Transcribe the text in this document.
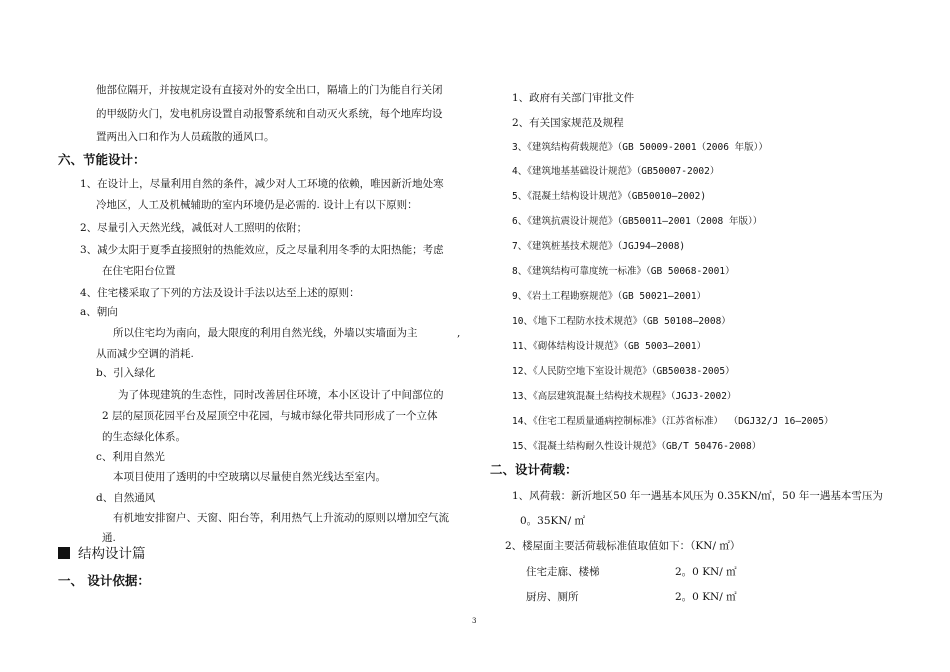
他部位隔开，并按规定设有直接对外的安全出口，隔墙上的门为能自行关闭
的甲级防火门，发电机房设置自动报警系统和自动灭火系统，每个地库均设
置两出入口和作为人员疏散的通风口。
六、节能设计：
1、在设计上，尽量利用自然的条件，减少对人工环境的依赖，唯因新沂地处寒
冷地区，人工及机械辅助的室内环境仍是必需的. 设计上有以下原则：
2、尽量引入天然光线，减低对人工照明的依附；
3、减少太阳于夏季直接照射的热能效应，反之尽量利用冬季的太阳热能；考虑
在住宅阳台位置
4、住宅楼采取了下列的方法及设计手法以达至上述的原则：
a、朝向
所以住宅均为南向，最大限度的利用自然光线，外墙以实墙面为主	,
从而减少空调的消耗.
b、引入绿化
为了体现建筑的生态性，同时改善居住环境，本小区设计了中间部位的
2 层的屋顶花园平台及屋顶空中花园，与城市绿化带共同形成了一个立体
的生态绿化体系。
c、利用自然光
本项目使用了透明的中空玻璃以尽量使自然光线达至室内。
d、自然通风
有机地安排窗户、天窗、阳台等，利用热气上升流动的原则以增加空气流
通.
结构设计篇
一、 设计依据：
1、政府有关部门审批文件
2、有关国家规范及规程
3、《建筑结构荷载规范》（GB 50009-2001（2006 年版））
4、《建筑地基基础设计规范》（GB50007-2002）
5、《混凝土结构设计规范》（GB50010—2002)
6、《建筑抗震设计规范》（GB50011—2001（2008 年版））
7、《建筑桩基技术规范》（JGJ94—2008)
8、《建筑结构可靠度统一标准》（GB 50068-2001）
9、《岩土工程勘察规范》（GB 50021—2001）
10、《地下工程防水技术规范》（GB 50108—2008）
11、《砌体结构设计规范》（GB 5003—2001）
12、《人民防空地下室设计规范》（GB50038-2005）
13、《高层建筑混凝土结构技术规程》（JGJ3-2002）
14、《住宅工程质量通病控制标准》（江苏省标准） （DGJ32/J 16—2005）
15、《混凝土结构耐久性设计规范》（GB/T 50476-2008）
二、设计荷载：
1、风荷载：新沂地区50 年一遇基本风压为 0.35KN/㎡，50 年一遇基本雪压为
0。35KN/ ㎡
2、楼屋面主要活荷载标准值取值如下：（KN/ ㎡）
住宅走廊、楼梯	2。0 KN/ ㎡
厨房、厕所	2。0 KN/ ㎡
3
